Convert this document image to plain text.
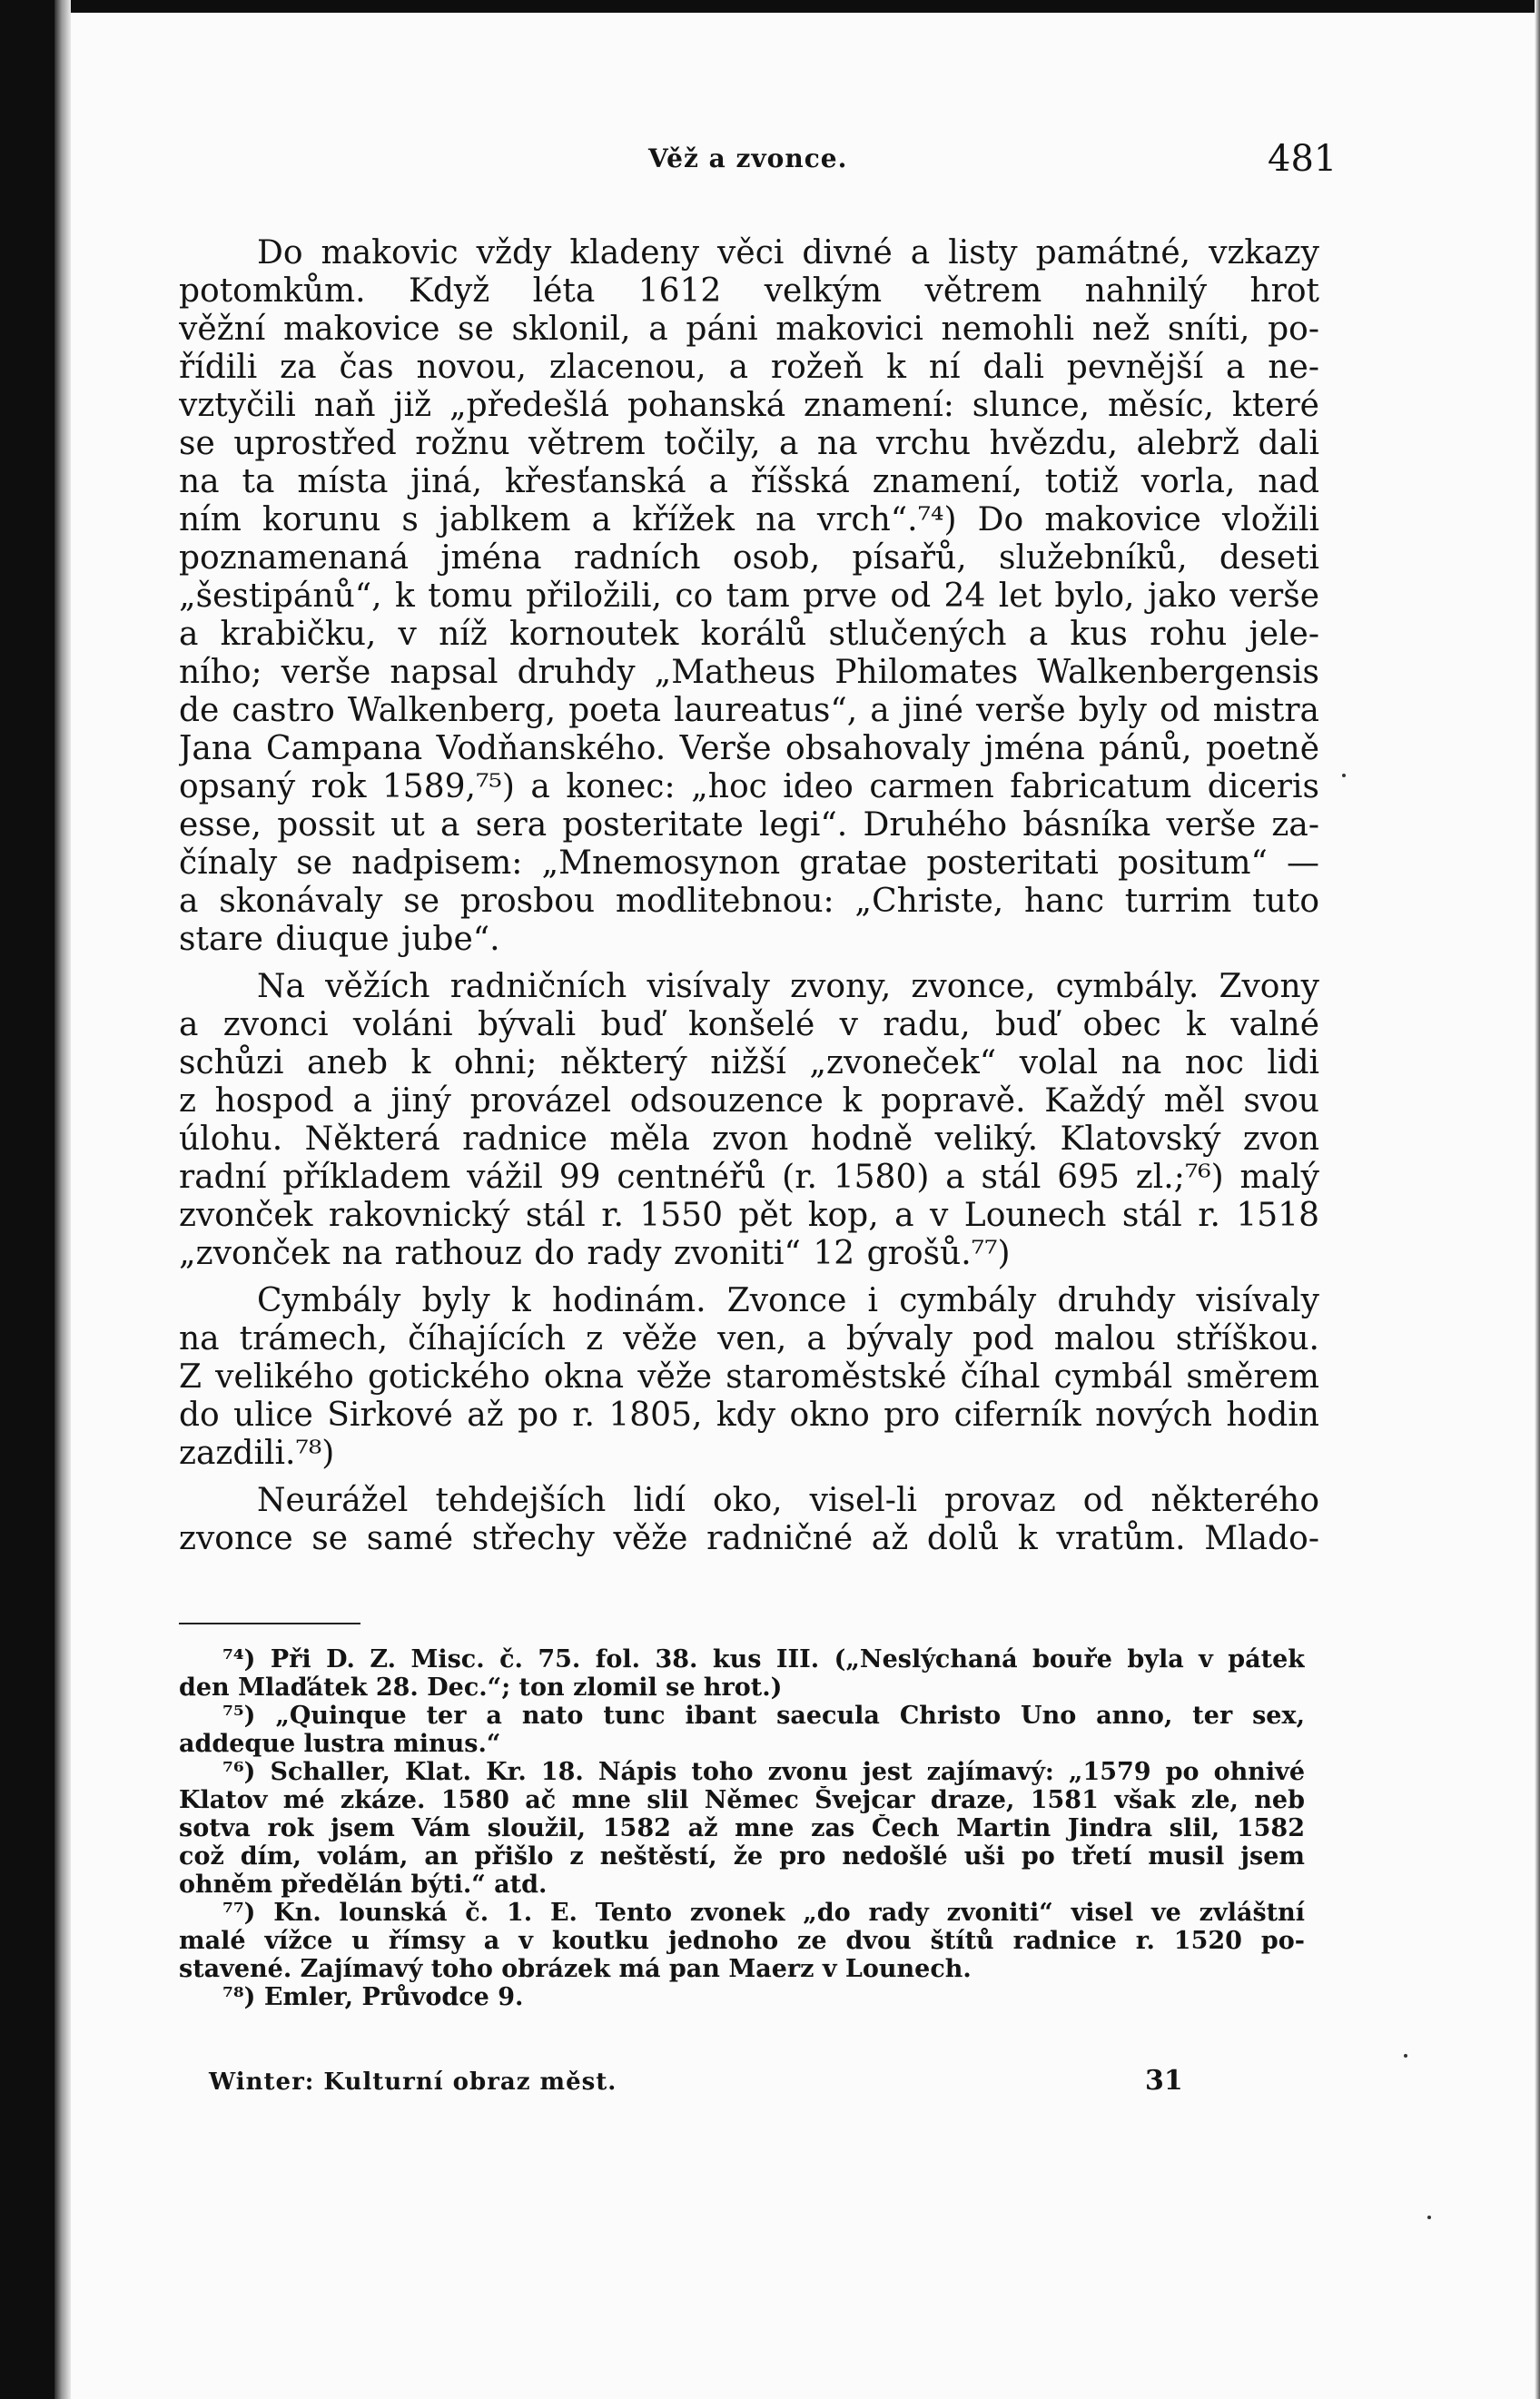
Věž a zvonce.	481
Do makovic vždy kladeny věci divné a listy památné, vzkazy
potomkům. Když léta 1612 velkým větrem nahnilý hrot
věžní makovice se sklonil, a páni makovici nemohli než sníti, po-
řídili za čas novou, zlacenou, a rožeň k ní dali pevnější a ne-
vztyčili naň již „předešlá pohanská znamení: slunce, měsíc, které
se uprostřed rožnu větrem točily, a na vrchu hvězdu, alebrž dali
na ta místa jiná, křesťanská a říšská znamení, totiž vorla, nad
ním korunu s jablkem a křížek na vrch“.⁷⁴) Do makovice vložili
poznamenaná jména radních osob, písařů, služebníků, deseti
„šestipánů“, k tomu přiložili, co tam prve od 24 let bylo, jako verše
a krabičku, v níž kornoutek korálů stlučených a kus rohu jele-
ního; verše napsal druhdy „Matheus Philomates Walkenbergensis
de castro Walkenberg, poeta laureatus“, a jiné verše byly od mistra
Jana Campana Vodňanského. Verše obsahovaly jména pánů, poetně
opsaný rok 1589,⁷⁵) a konec: „hoc ideo carmen fabricatum diceris
esse, possit ut a sera posteritate legi“. Druhého básníka verše za-
čínaly se nadpisem: „Mnemosynon gratae posteritati positum“ —
a skonávaly se prosbou modlitebnou: „Christe, hanc turrim tuto
stare diuque jube“.
Na věžích radničních visívaly zvony, zvonce, cymbály. Zvony
a zvonci voláni bývali buď konšelé v radu, buď obec k valné
schůzi aneb k ohni; některý nižší „zvoneček“ volal na noc lidi
z hospod a jiný provázel odsouzence k popravě. Každý měl svou
úlohu. Některá radnice měla zvon hodně veliký. Klatovský zvon
radní příkladem vážil 99 centnéřů (r. 1580) a stál 695 zl.;⁷⁶) malý
zvonček rakovnický stál r. 1550 pět kop, a v Lounech stál r. 1518
„zvonček na rathouz do rady zvoniti“ 12 grošů.⁷⁷)
Cymbály byly k hodinám. Zvonce i cymbály druhdy visívaly
na trámech, číhajících z věže ven, a bývaly pod malou stříškou.
Z velikého gotického okna věže staroměstské číhal cymbál směrem
do ulice Sirkové až po r. 1805, kdy okno pro ciferník nových hodin
zazdili.⁷⁸)
Neurážel tehdejších lidí oko, visel-li provaz od některého
zvonce se samé střechy věže radničné až dolů k vratům. Mlado-
⁷⁴) Při D. Z. Misc. č. 75. fol. 38. kus III. („Neslýchaná bouře byla v pátek
den Mlaďátek 28. Dec.“; ton zlomil se hrot.)
⁷⁵) „Quinque ter a nato tunc ibant saecula Christo Uno anno, ter sex,
addeque lustra minus.“
⁷⁶) Schaller, Klat. Kr. 18. Nápis toho zvonu jest zajímavý: „1579 po ohnivé
Klatov mé zkáze. 1580 ač mne slil Němec Švejcar draze, 1581 však zle, neb
sotva rok jsem Vám sloužil, 1582 až mne zas Čech Martin Jindra slil, 1582
což dím, volám, an přišlo z neštěstí, že pro nedošlé uši po třetí musil jsem
ohněm předělán býti.“ atd.
⁷⁷) Kn. lounská č. 1. E. Tento zvonek „do rady zvoniti“ visel ve zvláštní
malé vížce u římsy a v koutku jednoho ze dvou štítů radnice r. 1520 po-
stavené. Zajímavý toho obrázek má pan Maerz v Lounech.
⁷⁸) Emler, Průvodce 9.
Winter: Kulturní obraz měst.	31
